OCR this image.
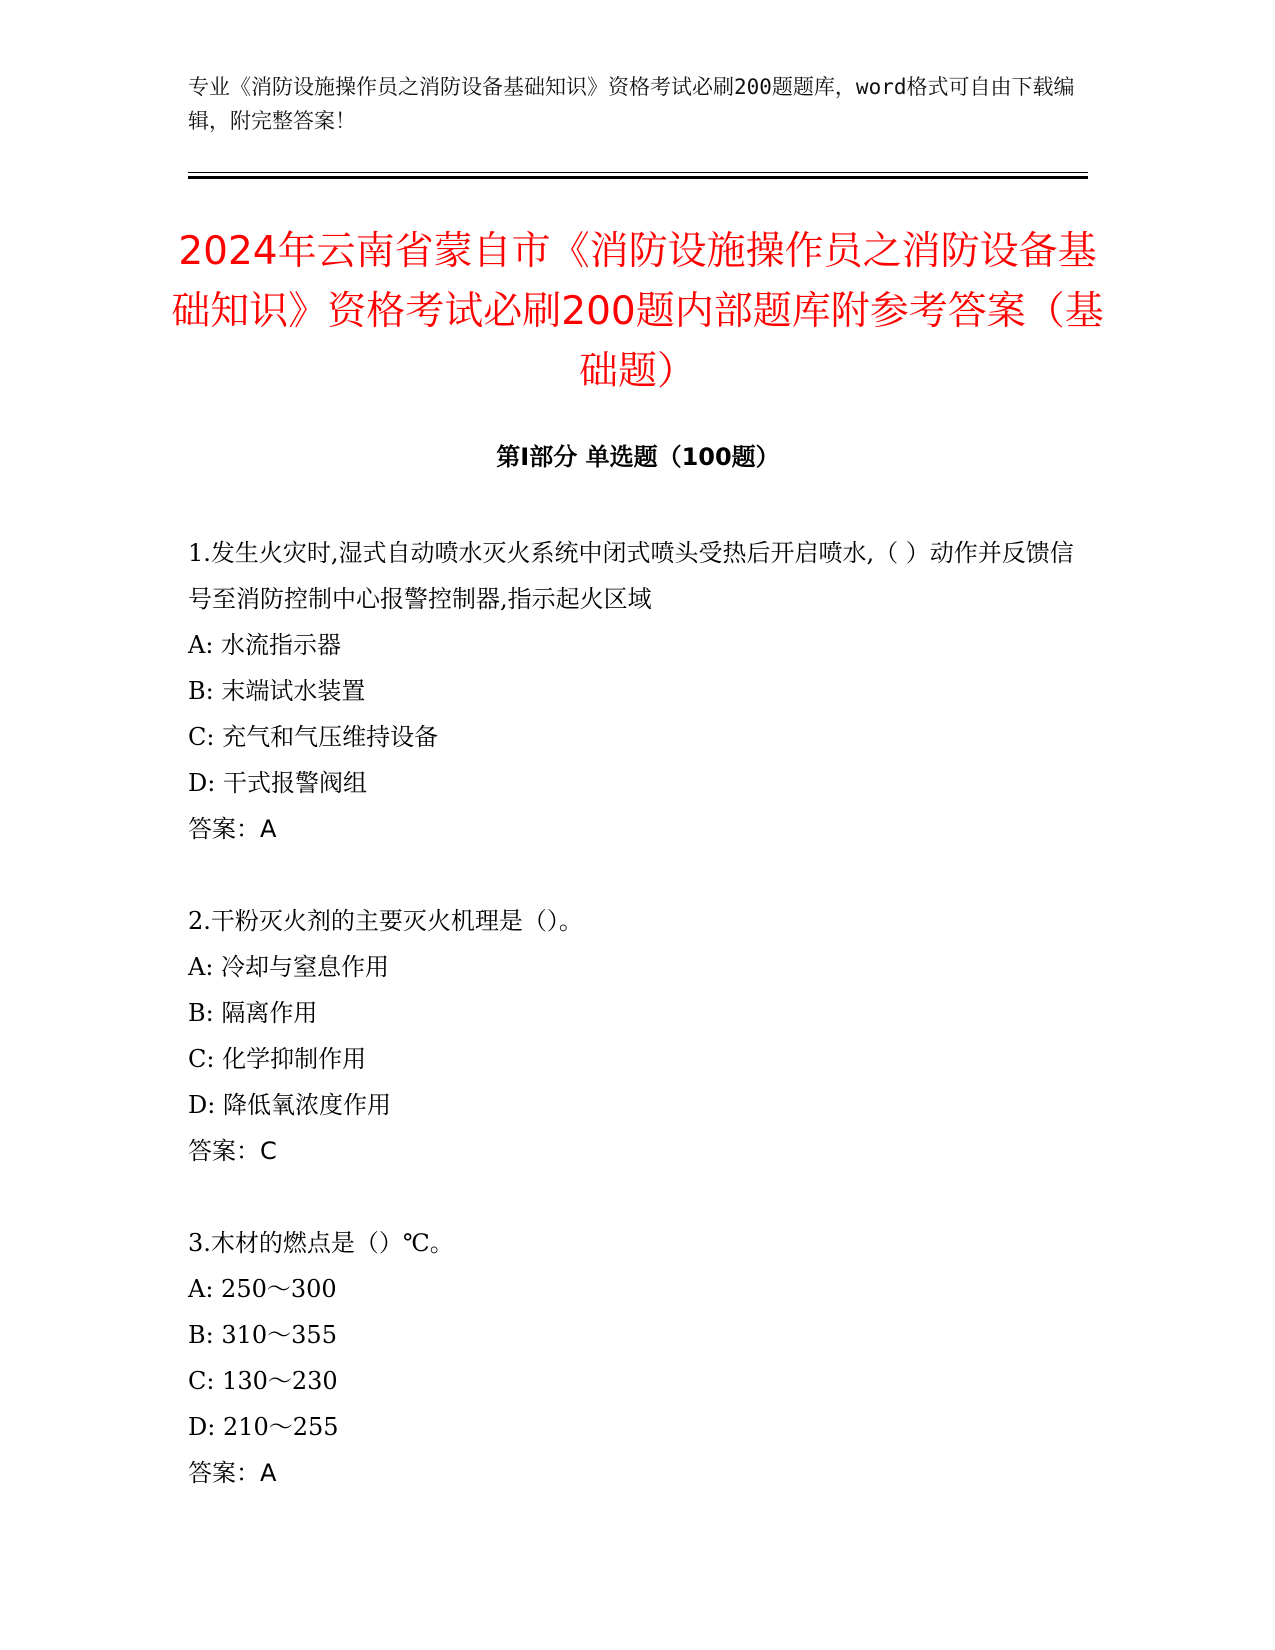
专业《消防设施操作员之消防设备基础知识》资格考试必刷200题题库，word格式可自由下载编辑，附完整答案！
2024年云南省蒙自市《消防设施操作员之消防设备基础知识》资格考试必刷200题内部题库附参考答案（基础题）
第I部分 单选题（100题）
1.发生火灾时,湿式自动喷水灭火系统中闭式喷头受热后开启喷水,（ ）动作并反馈信号至消防控制中心报警控制器,指示起火区域
A: 水流指示器
B: 末端试水装置
C: 充气和气压维持设备
D: 干式报警阀组
答案：A
2.干粉灭火剂的主要灭火机理是（）。
A: 冷却与窒息作用
B: 隔离作用
C: 化学抑制作用
D: 降低氧浓度作用
答案：C
3.木材的燃点是（）℃。
A: 250～300
B: 310～355
C: 130～230
D: 210～255
答案：A
